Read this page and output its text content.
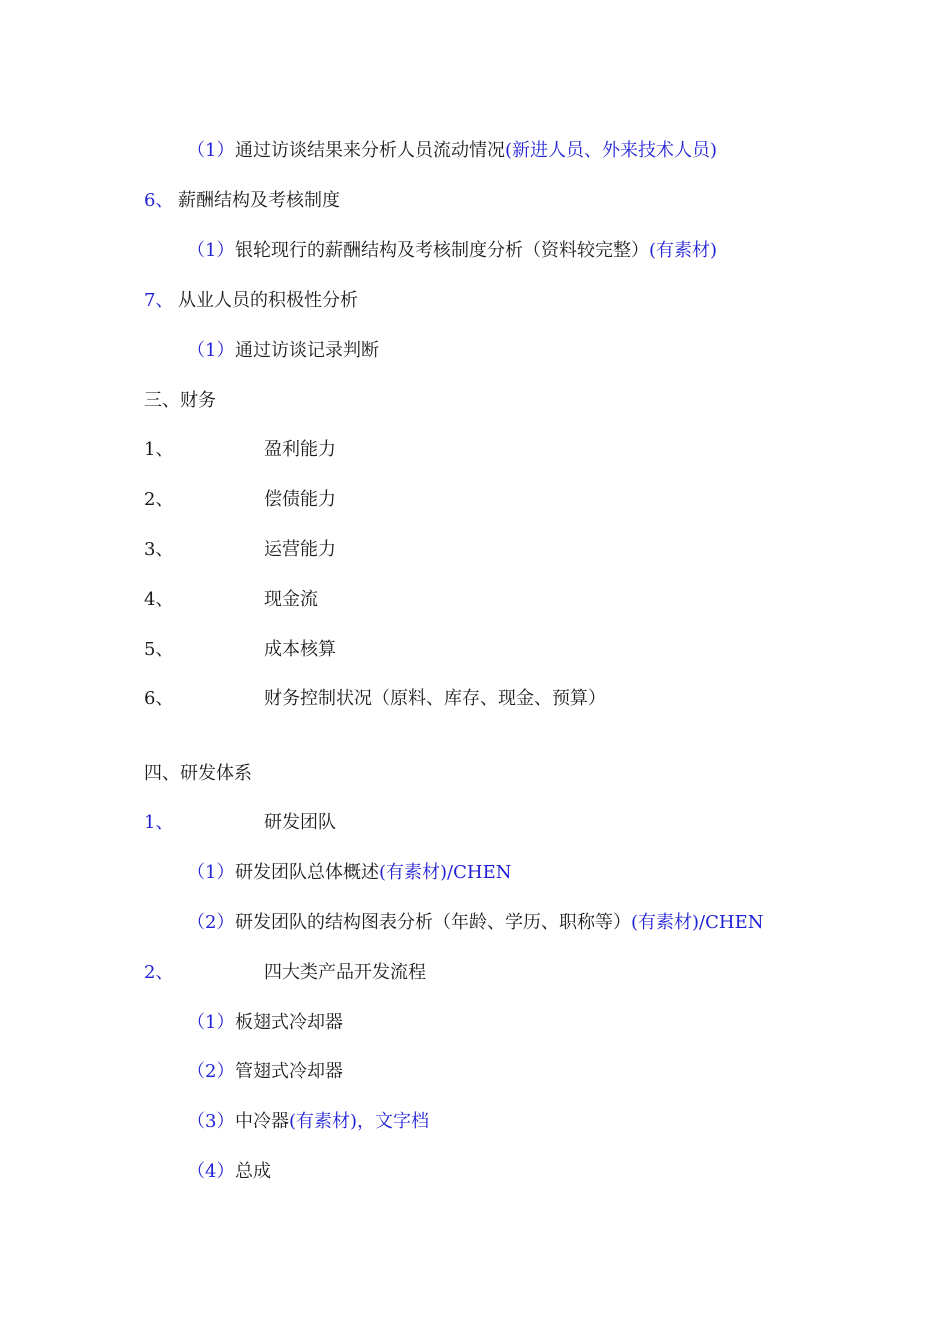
（1） 通过访谈结果来分析人员流动情况(新进人员、外来技术人员)
6、 薪酬结构及考核制度
（1） 银轮现行的薪酬结构及考核制度分析（资料较完整）(有素材)
7、 从业人员的积极性分析
（1） 通过访谈记录判断
三、财务
1、	盈利能力
2、	偿债能力
3、	运营能力
4、	现金流
5、	成本核算
6、	财务控制状况（原料、库存、现金、预算）
四、研发体系
1、	研发团队
（1） 研发团队总体概述(有素材)/CHEN
（2） 研发团队的结构图表分析（年龄、学历、职称等）(有素材)/CHEN
2、	四大类产品开发流程
（1） 板翅式冷却器
（2） 管翅式冷却器
（3） 中冷器(有素材)，文字档
（4） 总成
